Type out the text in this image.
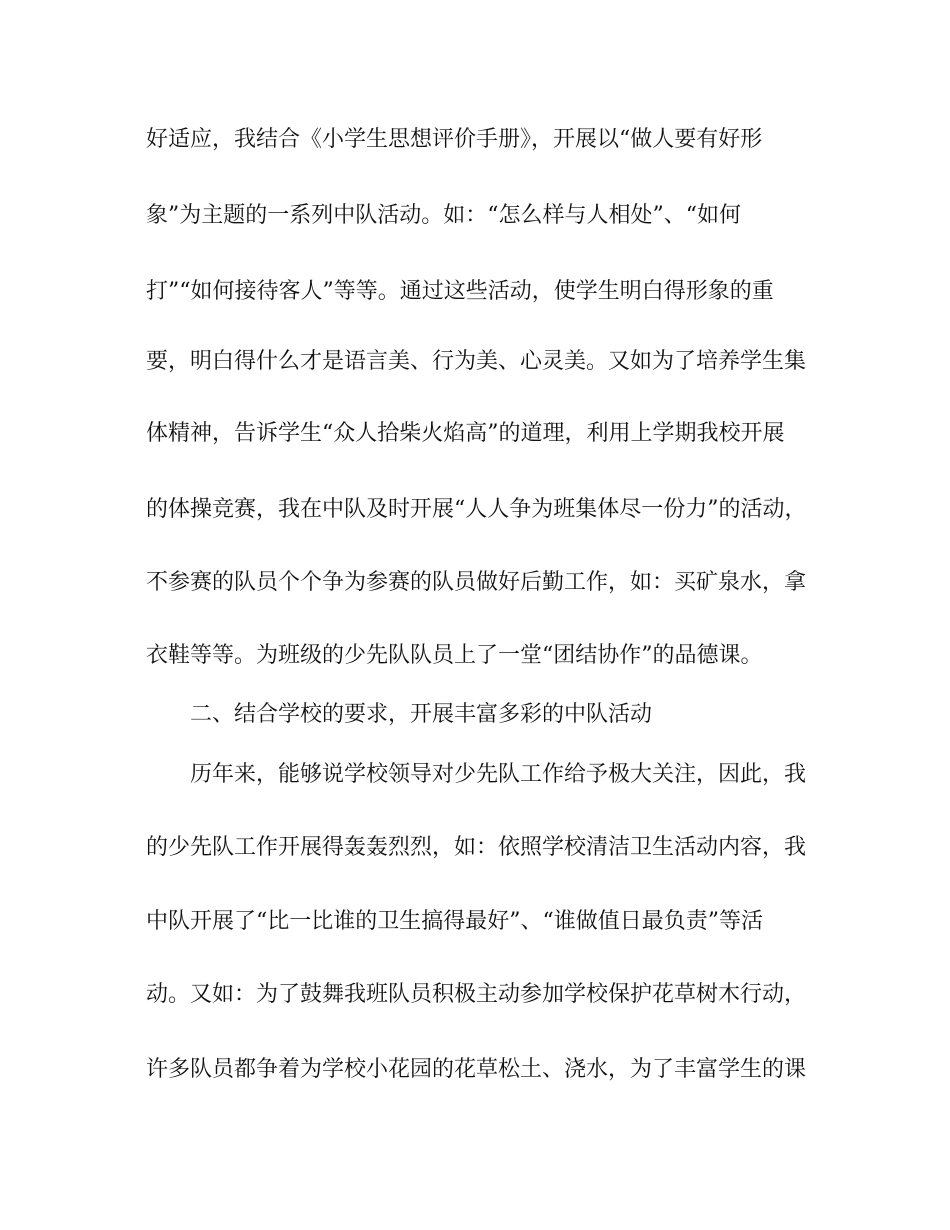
好适应，我结合《小学生思想评价手册》，开展以“做人要有好形
象”为主题的一系列中队活动。如：“怎么样与人相处”、“如何
打”“如何接待客人”等等。通过这些活动，使学生明白得形象的重
要，明白得什么才是语言美、行为美、心灵美。又如为了培养学生集
体精神，告诉学生“众人拾柴火焰高”的道理，利用上学期我校开展
的体操竞赛，我在中队及时开展“人人争为班集体尽一份力”的活动，
不参赛的队员个个争为参赛的队员做好后勤工作，如：买矿泉水，拿
衣鞋等等。为班级的少先队队员上了一堂“团结协作”的品德课。
二、结合学校的要求，开展丰富多彩的中队活动
历年来，能够说学校领导对少先队工作给予极大关注，因此，我
的少先队工作开展得轰轰烈烈，如：依照学校清洁卫生活动内容，我
中队开展了“比一比谁的卫生搞得最好”、“谁做值日最负责”等活
动。又如：为了鼓舞我班队员积极主动参加学校保护花草树木行动，
许多队员都争着为学校小花园的花草松土、浇水，为了丰富学生的课
